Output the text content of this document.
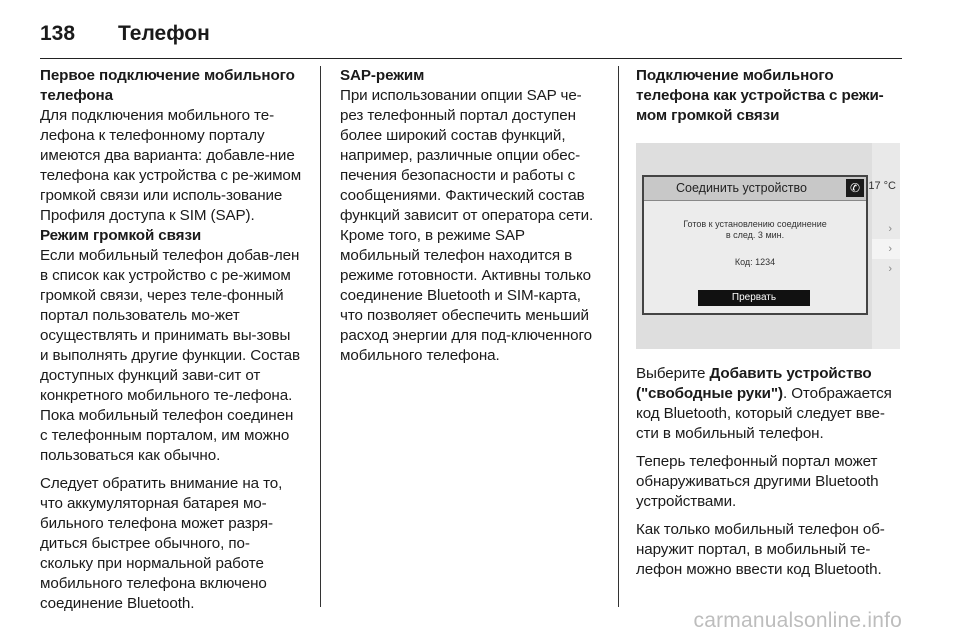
138	Телефон

Первое подключение мобильного телефона

Для подключения мобильного те-лефона к телефонному порталу имеются два варианта: добавле-ние телефона как устройства с ре-жимом громкой связи или исполь-зование Профиля доступа к SIM (SAP).

Режим громкой связи

Если мобильный телефон добав-лен в список как устройство с ре-жимом громкой связи, через теле-фонный портал пользователь мо-жет осуществлять и принимать вы-зовы и выполнять другие функции. Состав доступных функций зави-сит от конкретного мобильного те-лефона. Пока мобильный телефон соединен с телефонным порталом, им можно пользоваться как обычно.

Следует обратить внимание на то, что аккумуляторная батарея мо-бильного телефона может разря-диться быстрее обычного, по-скольку при нормальной работе мобильного телефона включено соединение Bluetooth.

SAP-режим

При использовании опции SAP че-рез телефонный портал доступен более широкий состав функций, например, различные опции обес-печения безопасности и работы с сообщениями. Фактический состав функций зависит от оператора сети. Кроме того, в режиме SAP мобильный телефон находится в режиме готовности. Активны только соединение Bluetooth и SIM-карта, что позволяет обеспечить меньший расход энергии для под-ключенного мобильного телефона.

Подключение мобильного телефона как устройства с режи-мом громкой связи

17 °C
›
›
›
Соединить устройство	✆
Готов к установлению соединение
в след. 3 мин.
Код: 1234
Прервать

Выберите Добавить устройство ("свободные руки"). Отображается код Bluetooth, который следует вве-сти в мобильный телефон.

Теперь телефонный портал может обнаруживаться другими Bluetooth устройствами.

Как только мобильный телефон об-наружит портал, в мобильный те-лефон можно ввести код Bluetooth.

carmanualsonline.info
